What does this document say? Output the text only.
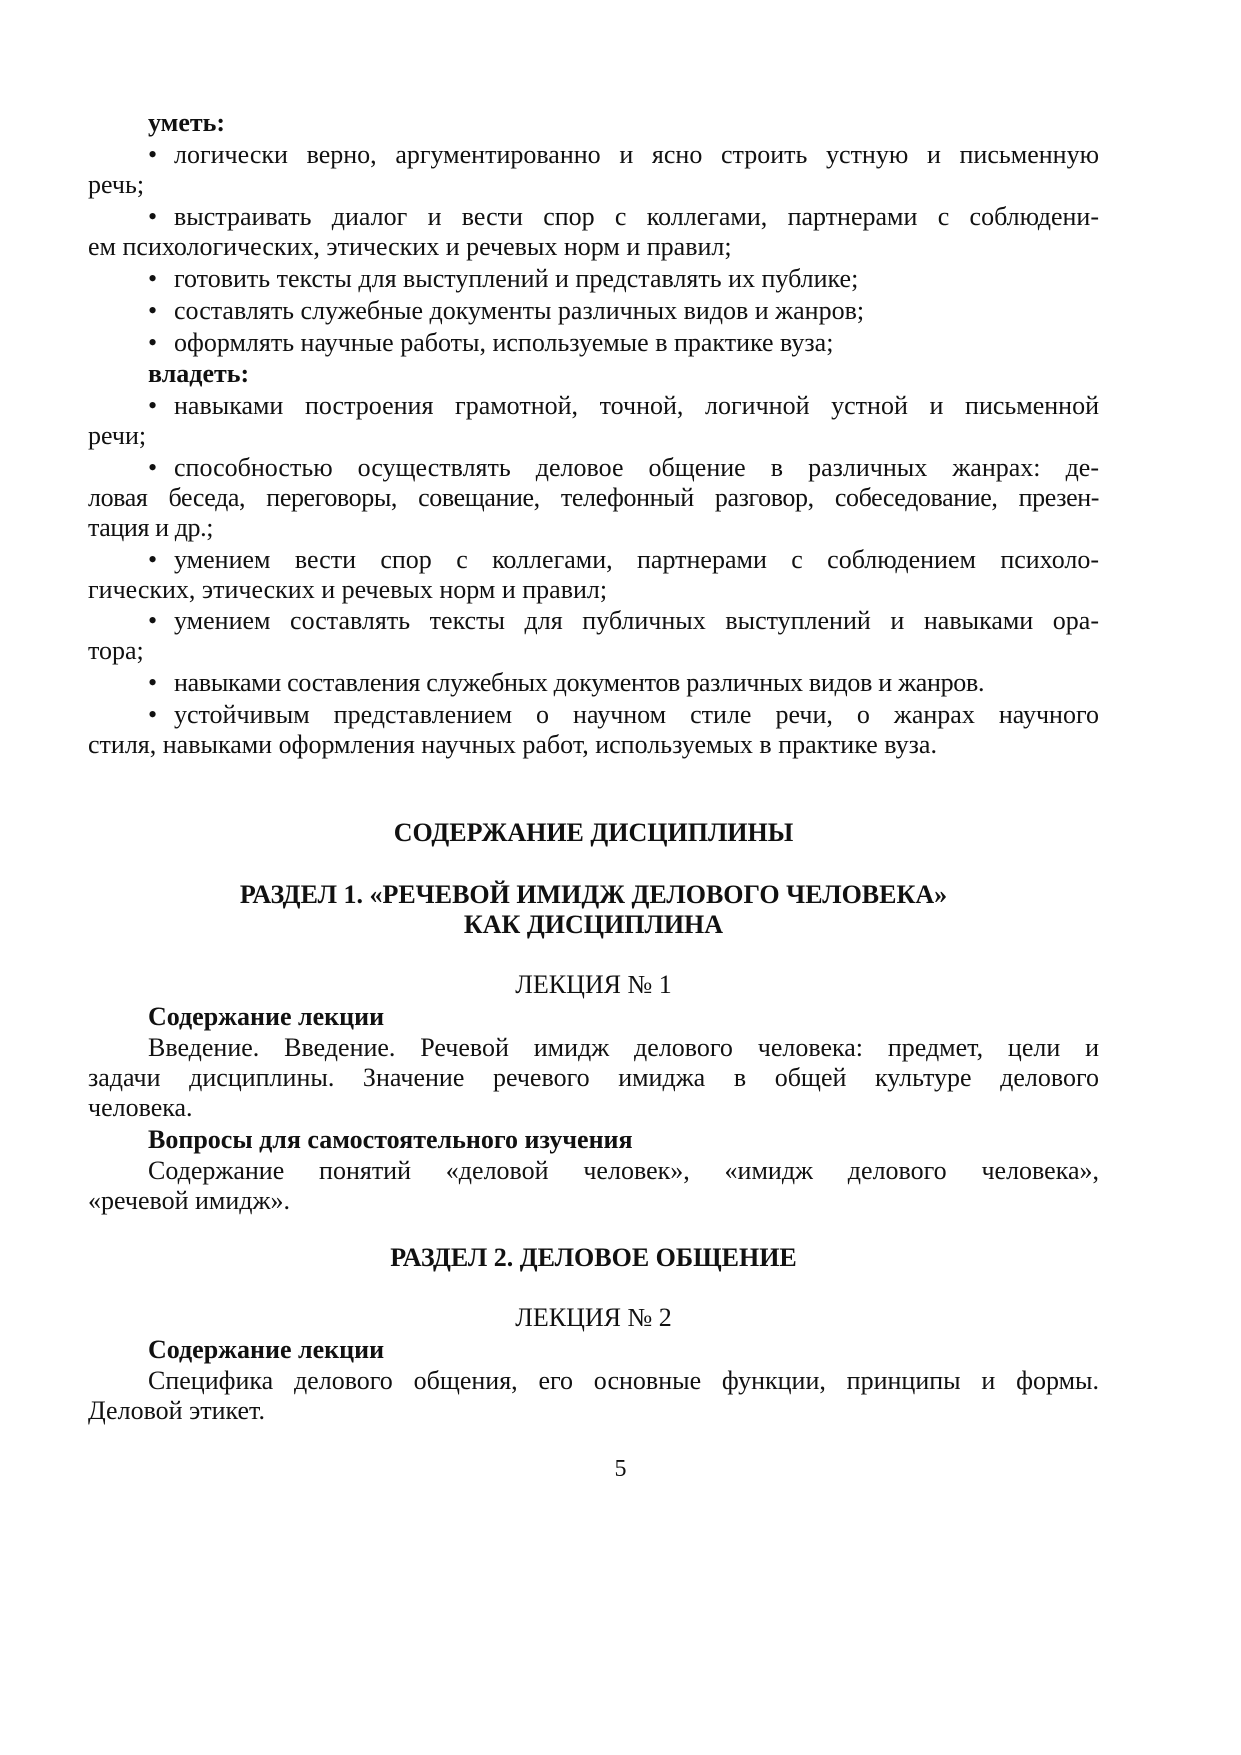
уметь:
• логически верно, аргументированно и ясно строить устную и письменную
речь;
• выстраивать диалог и вести спор с коллегами, партнерами с соблюдени-
ем психологических, этических и речевых норм и правил;
• готовить тексты для выступлений и представлять их публике;
• составлять служебные документы различных видов и жанров;
• оформлять научные работы, используемые в практике вуза;
владеть:
• навыками построения грамотной, точной, логичной устной и письменной
речи;
• способностью осуществлять деловое общение в различных жанрах: де-
ловая беседа, переговоры, совещание, телефонный разговор, собеседование, презен-
тация и др.;
• умением вести спор с коллегами, партнерами с соблюдением психоло-
гических, этических и речевых норм и правил;
• умением составлять тексты для публичных выступлений и навыками ора-
тора;
• навыками составления служебных документов различных видов и жанров.
• устойчивым представлением о научном стиле речи, о жанрах научного
стиля, навыками оформления научных работ, используемых в практике вуза.
СОДЕРЖАНИЕ ДИСЦИПЛИНЫ
РАЗДЕЛ 1. «РЕЧЕВОЙ ИМИДЖ ДЕЛОВОГО ЧЕЛОВЕКА»
КАК ДИСЦИПЛИНА
ЛЕКЦИЯ № 1
Содержание лекции
Введение. Введение. Речевой имидж делового человека: предмет, цели и
задачи дисциплины. Значение речевого имиджа в общей культуре делового
человека.
Вопросы для самостоятельного изучения
Содержание понятий «деловой человек», «имидж делового человека»,
«речевой имидж».
РАЗДЕЛ 2. ДЕЛОВОЕ ОБЩЕНИЕ
ЛЕКЦИЯ № 2
Содержание лекции
Специфика делового общения, его основные функции, принципы и формы.
Деловой этикет.
5
